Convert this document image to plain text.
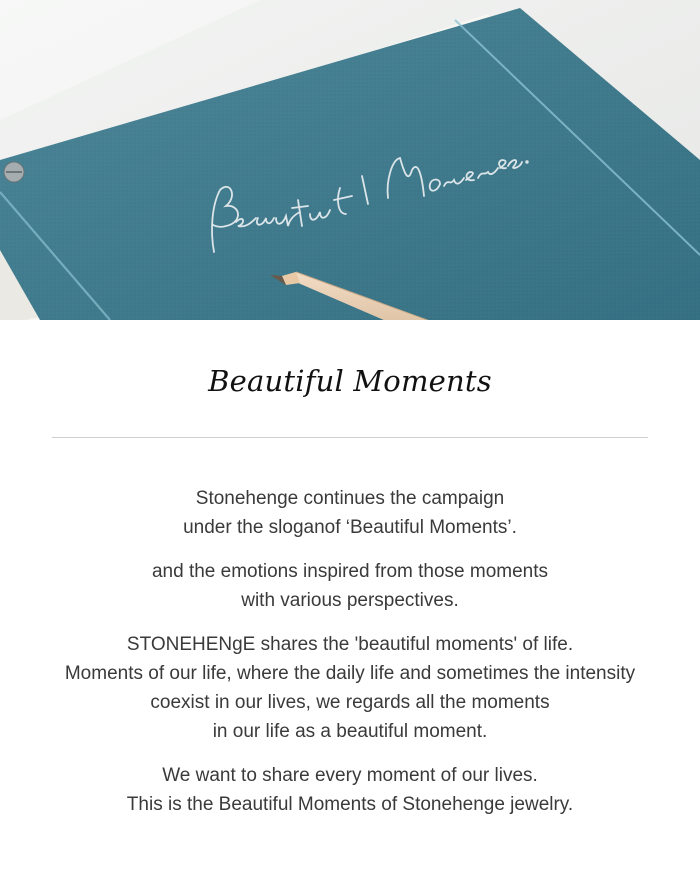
Beautiful Moments

Stonehenge continues the campaign
under the sloganof ‘Beautiful Moments’.

and the emotions inspired from those moments
with various perspectives.

STONEHENgE shares the 'beautiful moments' of life.
Moments of our life, where the daily life and sometimes the intensity
coexist in our lives, we regards all the moments
in our life as a beautiful moment.

We want to share every moment of our lives.
This is the Beautiful Moments of Stonehenge jewelry.
